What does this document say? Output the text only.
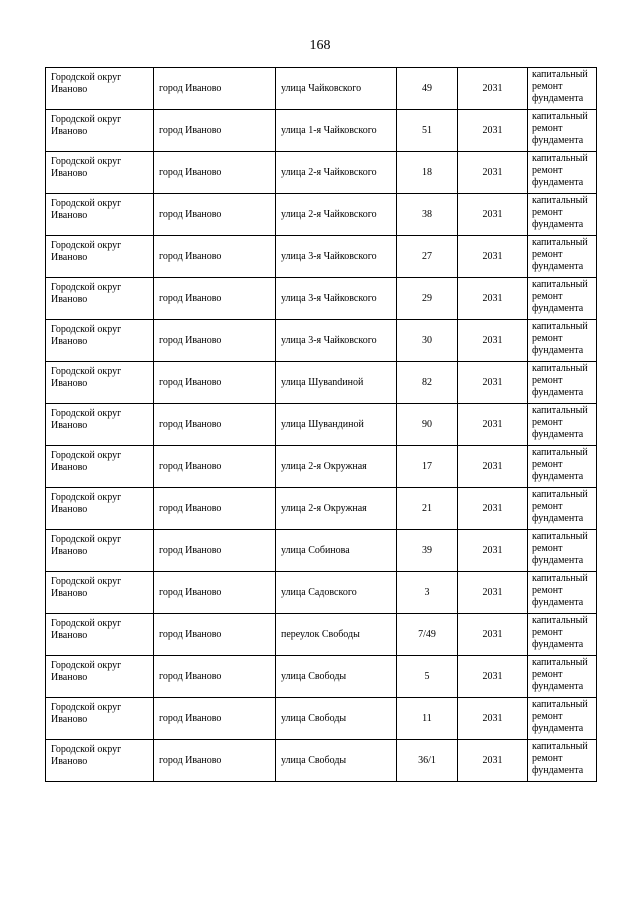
168
Городской округ Иваново	город Иваново	улица Чайковского	49	2031	капитальный ремонт фундамента
Городской округ Иваново	город Иваново	улица 1-я Чайковского	51	2031	капитальный ремонт фундамента
Городской округ Иваново	город Иваново	улица 2-я Чайковского	18	2031	капитальный ремонт фундамента
Городской округ Иваново	город Иваново	улица 2-я Чайковского	38	2031	капитальный ремонт фундамента
Городской округ Иваново	город Иваново	улица 3-я Чайковского	27	2031	капитальный ремонт фундамента
Городской округ Иваново	город Иваново	улица 3-я Чайковского	29	2031	капитальный ремонт фундамента
Городской округ Иваново	город Иваново	улица 3-я Чайковского	30	2031	капитальный ремонт фундамента
Городской округ Иваново	город Иваново	улица Шуваndиной	82	2031	капитальный ремонт фундамента
Городской округ Иваново	город Иваново	улица Шувандиной	90	2031	капитальный ремонт фундамента
Городской округ Иваново	город Иваново	улица 2-я Окружная	17	2031	капитальный ремонт фундамента
Городской округ Иваново	город Иваново	улица 2-я Окружная	21	2031	капитальный ремонт фундамента
Городской округ Иваново	город Иваново	улица Собинова	39	2031	капитальный ремонт фундамента
Городской округ Иваново	город Иваново	улица Садовского	3	2031	капитальный ремонт фундамента
Городской округ Иваново	город Иваново	переулок Свободы	7/49	2031	капитальный ремонт фундамента
Городской округ Иваново	город Иваново	улица Свободы	5	2031	капитальный ремонт фундамента
Городской округ Иваново	город Иваново	улица Свободы	11	2031	капитальный ремонт фундамента
Городской округ Иваново	город Иваново	улица Свободы	36/1	2031	капитальный ремонт фундамента
